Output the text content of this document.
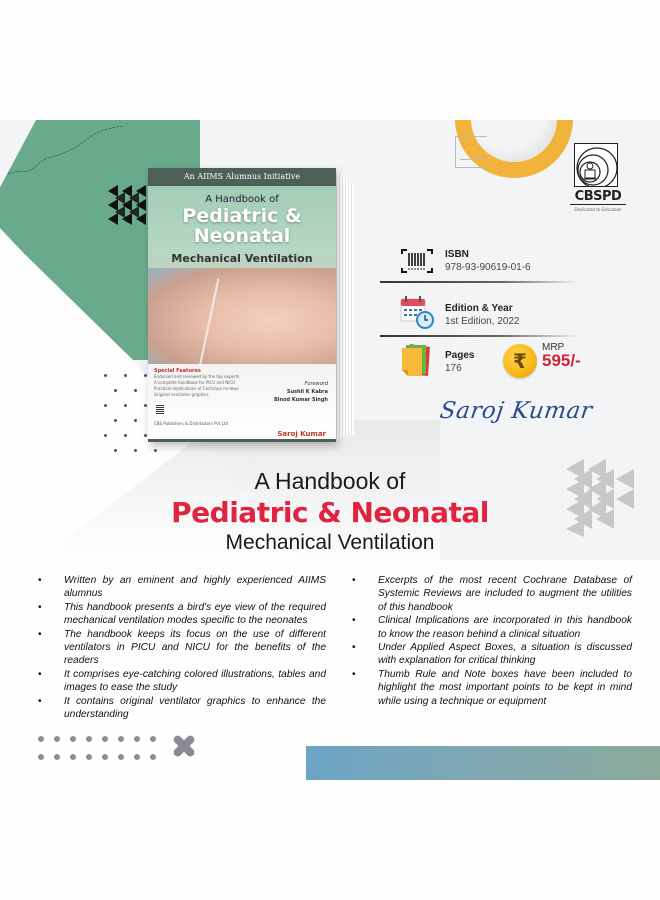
An AIIMS Alumnus Initiative
A Handbook of
Pediatric &
Neonatal
Mechanical Ventilation
Special Features
Endorsed and reviewed by the top experts
A complete handbook for PICU and NICU
Practical implications of Cochrane reviews
Original ventilator graphics
Foreword
Sushil K Kabra
Binod Kumar Singh
CBS Publishers & Distributors Pvt Ltd
Saroj Kumar
CBSPD
Dedicated to Education
ISBN
978-93-90619-01-6
Edition & Year
1st Edition, 2022
Pages
176	₹
MRP
595/-
Saroj Kumar
A Handbook of
Pediatric & Neonatal
Mechanical Ventilation
• Written by an eminent and highly experienced AIIMS alumnus
• This handbook presents a bird's eye view of the required mechanical ventilation modes specific to the neonates
• The handbook keeps its focus on the use of different ventilators in PICU and NICU for the benefits of the readers
• It comprises eye-catching colored illustrations, tables and images to ease the study
• It contains original ventilator graphics to enhance the understanding
• Excerpts of the most recent Cochrane Database of Systemic Reviews are included to augment the utilities of this handbook
• Clinical Implications are incorporated in this handbook to know the reason behind a clinical situation
• Under Applied Aspect Boxes, a situation is discussed with explanation for critical thinking
• Thumb Rule and Note boxes have been included to highlight the most important points to be kept in mind while using a technique or equipment
